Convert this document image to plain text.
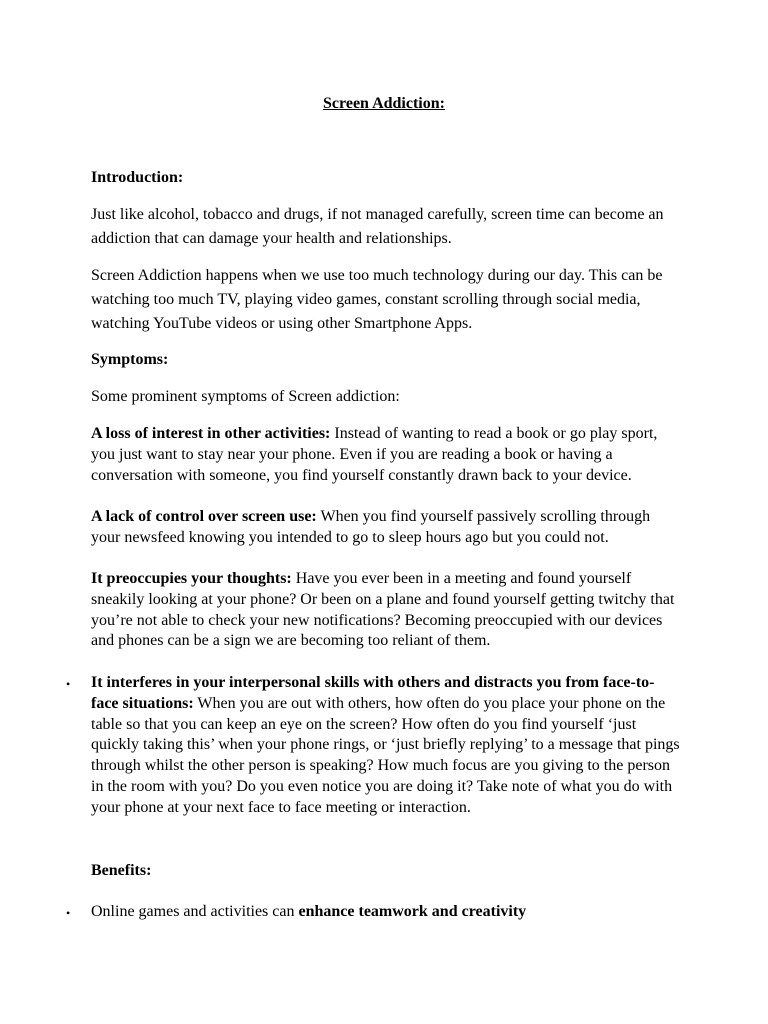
Screen Addiction:
Introduction:

Just like alcohol, tobacco and drugs, if not managed carefully, screen time can become an addiction that can damage your health and relationships.

Screen Addiction happens when we use too much technology during our day. This can be watching too much TV, playing video games, constant scrolling through social media, watching YouTube videos or using other Smartphone Apps.

Symptoms:
Some prominent symptoms of Screen addiction:

A loss of interest in other activities: Instead of wanting to read a book or go play sport, you just want to stay near your phone. Even if you are reading a book or having a conversation with someone, you find yourself constantly drawn back to your device.

A lack of control over screen use: When you find yourself passively scrolling through your newsfeed knowing you intended to go to sleep hours ago but you could not.

It preoccupies your thoughts: Have you ever been in a meeting and found yourself sneakily looking at your phone? Or been on a plane and found yourself getting twitchy that you’re not able to check your new notifications? Becoming preoccupied with our devices and phones can be a sign we are becoming too reliant of them.

• It interferes in your interpersonal skills with others and distracts you from face-to-face situations: When you are out with others, how often do you place your phone on the table so that you can keep an eye on the screen? How often do you find yourself ‘just quickly taking this’ when your phone rings, or ‘just briefly replying’ to a message that pings through whilst the other person is speaking? How much focus are you giving to the person in the room with you? Do you even notice you are doing it? Take note of what you do with your phone at your next face to face meeting or interaction.

Benefits:
• Online games and activities can enhance teamwork and creativity
